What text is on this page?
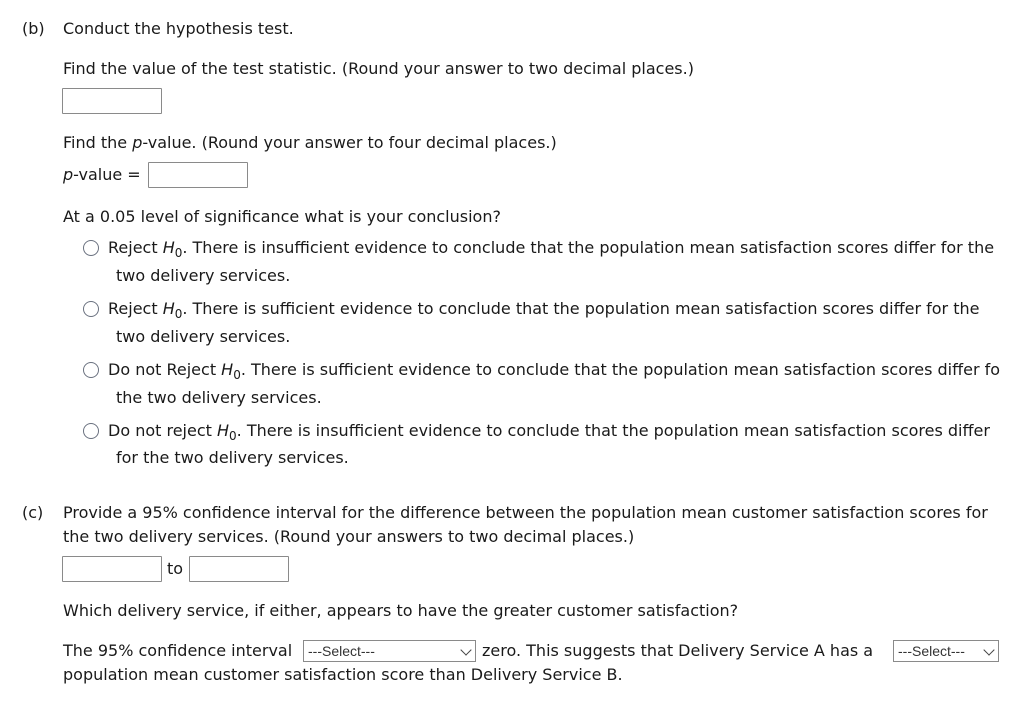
(b) Conduct the hypothesis test.
Find the value of the test statistic. (Round your answer to two decimal places.)
Find the p-value. (Round your answer to four decimal places.)
p-value =
At a 0.05 level of significance what is your conclusion?
Reject $H_0$. There is insufficient evidence to conclude that the population mean satisfaction scores differ for the
two delivery services.
Reject $H_0$. There is sufficient evidence to conclude that the population mean satisfaction scores differ for the
two delivery services.
Do not Reject $H_0$. There is sufficient evidence to conclude that the population mean satisfaction scores differ fo
the two delivery services.
Do not reject $H_0$. There is insufficient evidence to conclude that the population mean satisfaction scores differ
for the two delivery services.
(c) Provide a 95% confidence interval for the difference between the population mean customer satisfaction scores for
the two delivery services. (Round your answers to two decimal places.)
to
Which delivery service, if either, appears to have the greater customer satisfaction?
The 95% confidence interval	---Select---	zero. This suggests that Delivery Service A has a	---Select---
population mean customer satisfaction score than Delivery Service B.
